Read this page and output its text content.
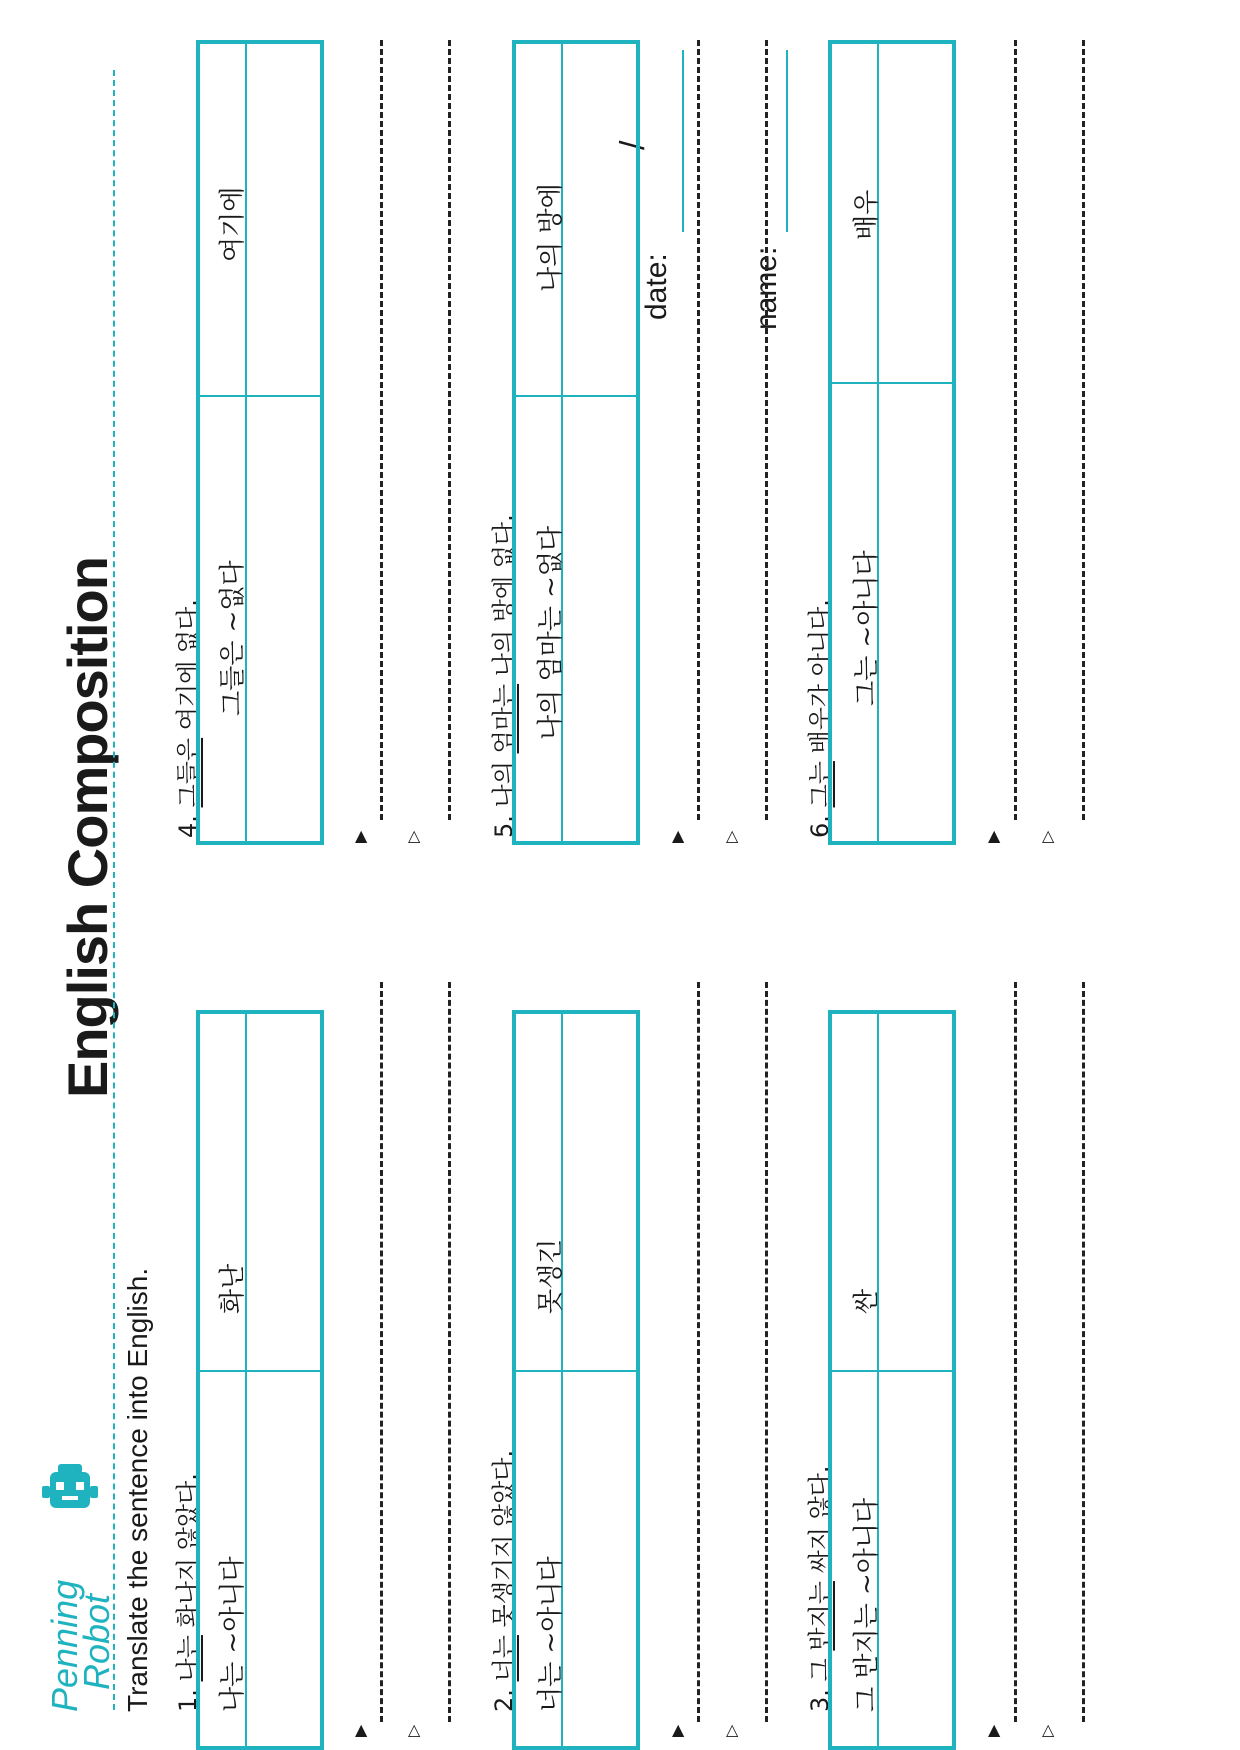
Penning
Robot Translate the sentence into English.
English Composition
date:
/
name:
1. 나는 화나지 않았다. 나는 ~아니다
화난
▲	△
2. 너는 못생기지 않았다. 너는 ~아니다
못생긴
▲	△
3. 그 반지는 싸지 않다. 그 반지는 ~아니다
싼
▲	△
4. 그들은 여기에 없다. 그들은 ~없다
여기에
▲	△	5. 나의 엄마는 나의 방에 없다. 나의 엄마는 ~없다
나의 방에
▲	△	6. 그는 배우가 아니다. 그는 ~아니다
배우
▲	△
